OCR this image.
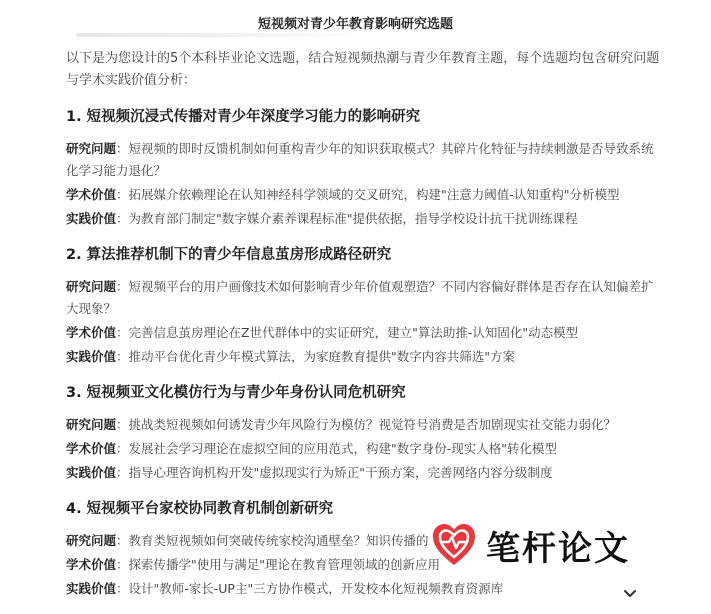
短视频对青少年教育影响研究选题

以下是为您设计的5个本科毕业论文选题，结合短视频热潮与青少年教育主题，每个选题均包含研究问题与学术实践价值分析：

1. 短视频沉浸式传播对青少年深度学习能力的影响研究
研究问题：短视频的即时反馈机制如何重构青少年的知识获取模式？其碎片化特征与持续刺激是否导致系统化学习能力退化？
学术价值：拓展媒介依赖理论在认知神经科学领域的交叉研究，构建"注意力阈值-认知重构"分析模型
实践价值：为教育部门制定"数字媒介素养课程标准"提供依据，指导学校设计抗干扰训练课程
2. 算法推荐机制下的青少年信息茧房形成路径研究
研究问题：短视频平台的用户画像技术如何影响青少年价值观塑造？不同内容偏好群体是否存在认知偏差扩大现象？
学术价值：完善信息茧房理论在Z世代群体中的实证研究，建立"算法助推-认知固化"动态模型
实践价值：推动平台优化青少年模式算法，为家庭教育提供"数字内容共筛选"方案
3. 短视频亚文化模仿行为与青少年身份认同危机研究
研究问题：挑战类短视频如何诱发青少年风险行为模仿？视觉符号消费是否加剧现实社交能力弱化？
学术价值：发展社会学习理论在虚拟空间的应用范式，构建"数字身份-现实人格"转化模型
实践价值：指导心理咨询机构开发"虚拟现实行为矫正"干预方案，完善网络内容分级制度
4. 短视频平台家校协同教育机制创新研究
研究问题：教育类短视频如何突破传统家校沟通壁垒？知识传播的
学术价值：探索传播学"使用与满足"理论在教育管理领域的创新应用
实践价值：设计"教师-家长-UP主"三方协作模式，开发校本化短视频教育资源库
笔杆论文
